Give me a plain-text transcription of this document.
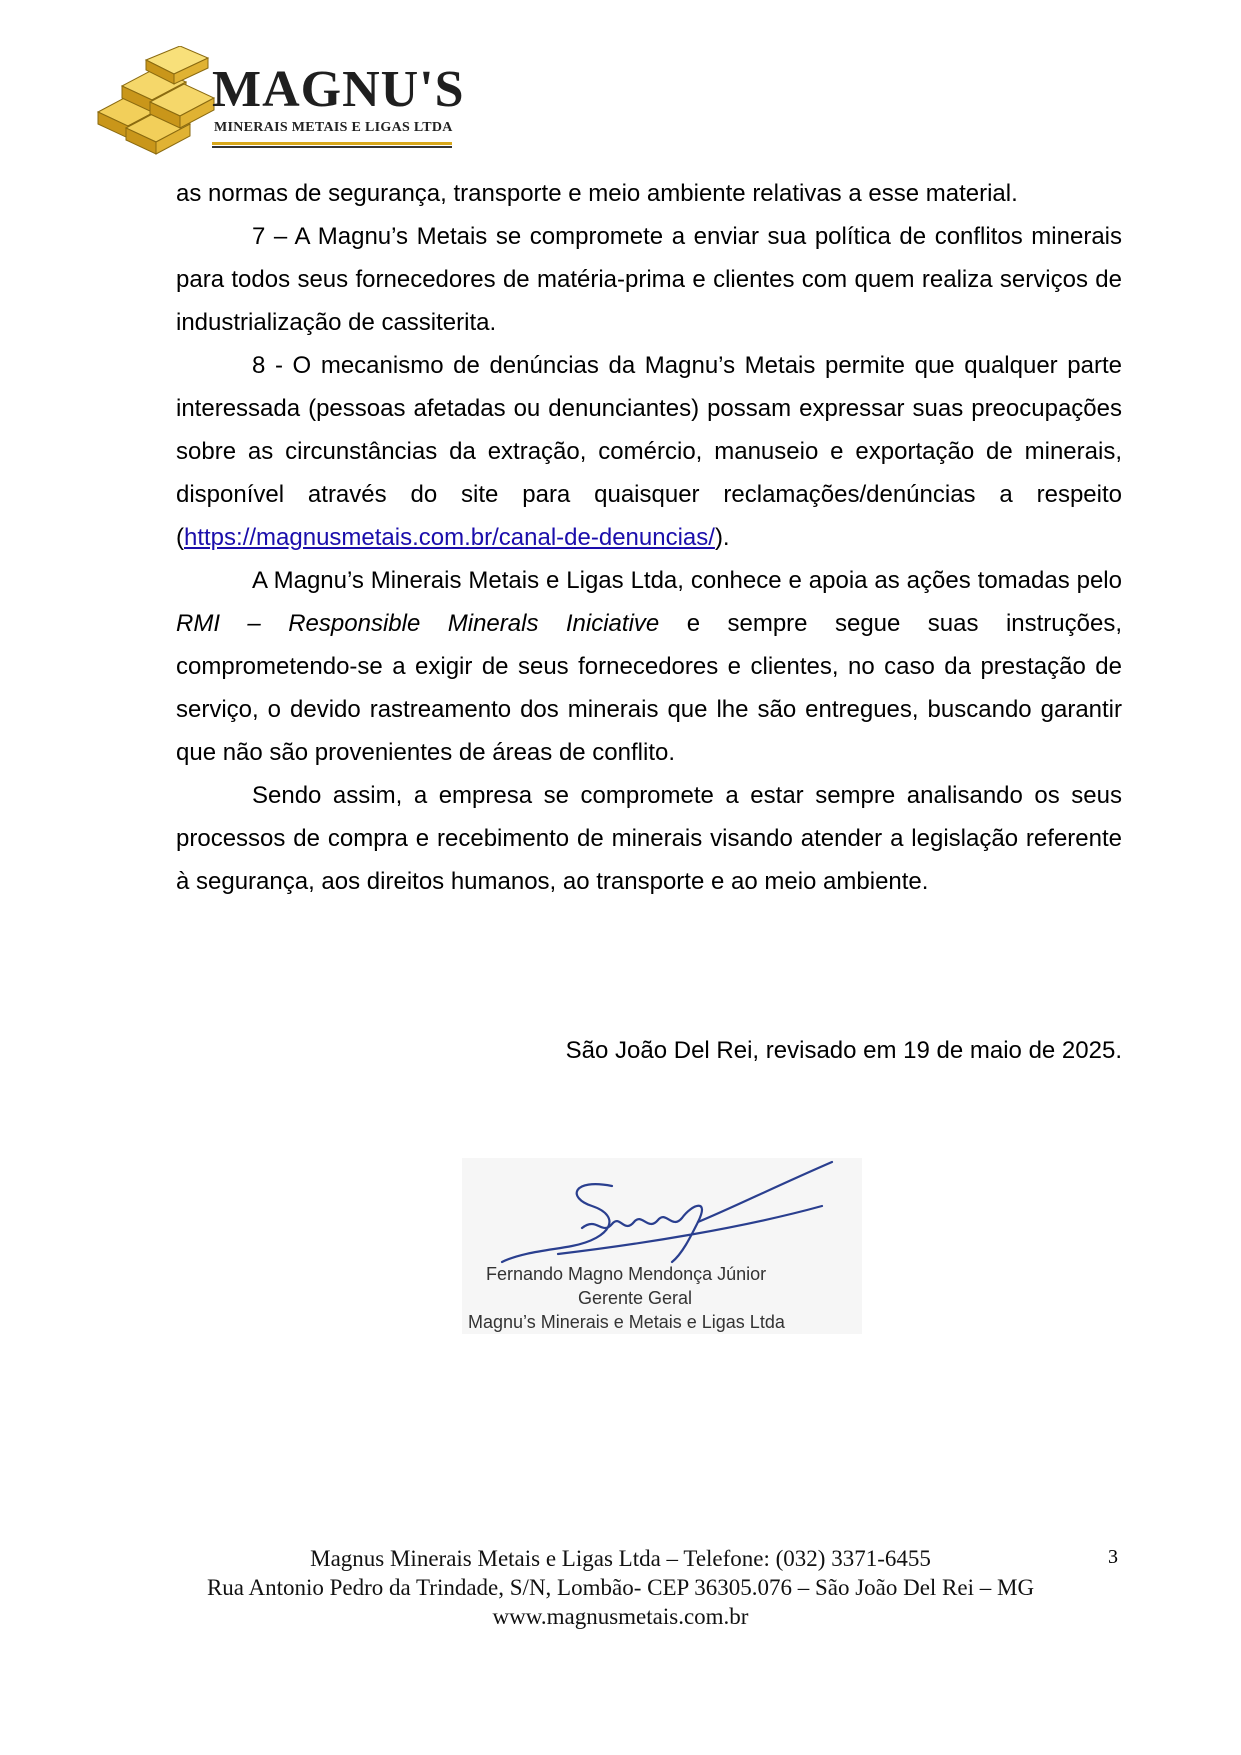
MAGNU'S
MINERAIS METAIS E LIGAS LTDA

as normas de segurança, transporte e meio ambiente relativas a esse material.

7 – A Magnu’s Metais se compromete a enviar sua política de conflitos minerais para todos seus fornecedores de matéria-prima e clientes com quem realiza serviços de industrialização de cassiterita.

8 - O mecanismo de denúncias da Magnu’s Metais permite que qualquer parte interessada (pessoas afetadas ou denunciantes) possam expressar suas preocupações sobre as circunstâncias da extração, comércio, manuseio e exportação de minerais, disponível através do site para quaisquer reclamações/denúncias a respeito (https://magnusmetais.com.br/canal-de-denuncias/).

A Magnu’s Minerais Metais e Ligas Ltda, conhece e apoia as ações tomadas pelo RMI – Responsible Minerals Iniciative e sempre segue suas instruções, comprometendo-se a exigir de seus fornecedores e clientes, no caso da prestação de serviço, o devido rastreamento dos minerais que lhe são entregues, buscando garantir que não são provenientes de áreas de conflito.

Sendo assim, a empresa se compromete a estar sempre analisando os seus processos de compra e recebimento de minerais visando atender a legislação referente à segurança, aos direitos humanos, ao transporte e ao meio ambiente.

São João Del Rei, revisado em 19 de maio de 2025.
Fernando Magno Mendonça Júnior
Gerente Geral
Magnu’s Minerais e Metais e Ligas Ltda
Magnus Minerais Metais e Ligas Ltda – Telefone: (032) 3371-6455
Rua Antonio Pedro da Trindade, S/N, Lombão- CEP 36305.076 – São João Del Rei – MG
www.magnusmetais.com.br
3
